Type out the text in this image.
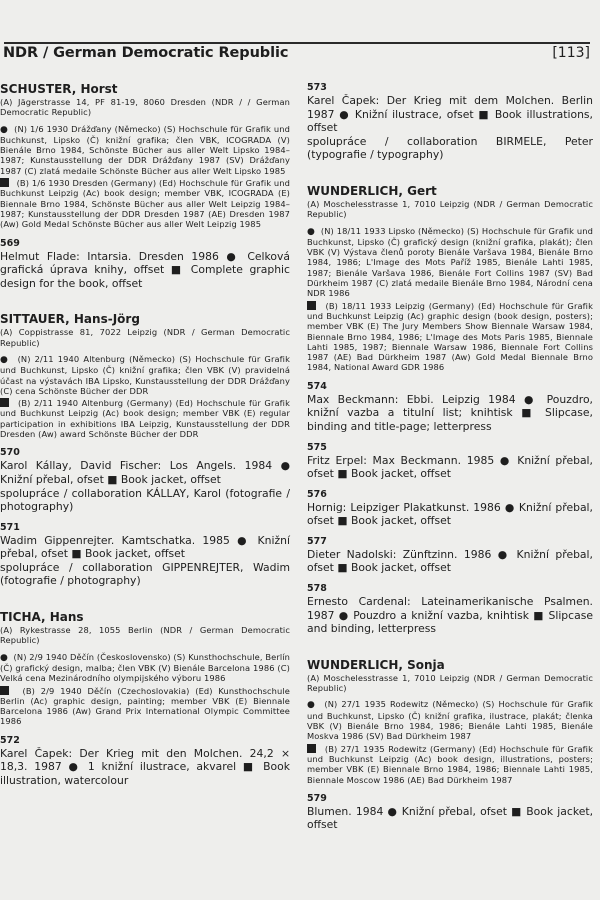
NDR / German Democratic Republic	[113]
SCHUSTER, Horst

(A) Jägerstrasse 14, PF 81-19, 8060 Dresden (NDR / / German Democratic Republic)

● (N) 1/6 1930 Drážďany (Německo) (S) Hochschule für Grafik und Buchkunst, Lipsko (Č) knižní grafika; člen VBK, ICOGRADA (V) Bienále Brno 1984, Schönste Bücher aus aller Welt Lipsko 1984–1987; Kunstausstellung der DDR Drážďany 1987 (SV) Drážďany 1987 (C) zlatá medaile Schönste Bücher aus aller Welt Lipsko 1985

(B) 1/6 1930 Dresden (Germany) (Ed) Hochschule für Grafik und Buchkunst Leipzig (Ac) book design; member VBK, ICOGRADA (E) Biennale Brno 1984, Schönste Bücher aus aller Welt Leipzig 1984–1987; Kunstausstellung der DDR Dresden 1987 (AE) Dresden 1987 (Aw) Gold Medal Schönste Bücher aus aller Welt Leipzig 1985

569

Helmut Flade: Intarsia. Dresden 1986 ● Celková grafická úprava knihy, offset ■ Complete graphic design for the book, offset

SITTAUER, Hans-Jörg

(A) Coppistrasse 81, 7022 Leipzig (NDR / German Democratic Republic)

● (N) 2/11 1940 Altenburg (Německo) (S) Hochschule für Grafik und Buchkunst, Lipsko (Č) knižní grafika; člen VBK (V) pravidelná účast na výstavách IBA Lipsko, Kunstausstellung der DDR Drážďany (C) cena Schönste Bücher der DDR

(B) 2/11 1940 Altenburg (Germany) (Ed) Hochschule für Grafik und Buchkunst Leipzig (Ac) book design; member VBK (E) regular participation in exhibitions IBA Leipzig, Kunstausstellung der DDR Dresden (Aw) award Schönste Bücher der DDR

570

Karol Kállay, David Fischer: Los Angels. 1984 ● Knižní přebal, ofset ■ Book jacket, offset

spolupráce / collaboration KÁLLAY, Karol (fotografie / photography)

571

Wadim Gippenrejter. Kamtschatka. 1985 ● Knižní přebal, ofset ■ Book jacket, offset

spolupráce / collaboration GIPPENREJTER, Wadim (fotografie / photography)

TICHA, Hans

(A) Rykestrasse 28, 1055 Berlin (NDR / German Democratic Republic)

● (N) 2/9 1940 Děčín (Československo) (S) Kunsthochschule, Berlín (Č) grafický design, malba; člen VBK (V) Bienále Barcelona 1986 (C) Velká cena Mezinárodního olympijského výboru 1986

(B) 2/9 1940 Děčín (Czechoslovakia) (Ed) Kunsthochschule Berlin (Ac) graphic design, painting; member VBK (E) Biennale Barcelona 1986 (Aw) Grand Prix International Olympic Committee 1986

572

Karel Čapek: Der Krieg mit den Molchen. 24,2 × 18,3. 1987 ● 1 knižní ilustrace, akvarel ■ Book illustration, watercolour

573

Karel Čapek: Der Krieg mit dem Molchen. Berlin 1987 ● Knižní ilustrace, ofset ■ Book illustrations, offset

spolupráce / collaboration BIRMELE, Peter (typografie / typography)

WUNDERLICH, Gert

(A) Moschelesstrasse 1, 7010 Leipzig (NDR / German Democratic Republic)

● (N) 18/11 1933 Lipsko (Německo) (S) Hochschule für Grafik und Buchkunst, Lipsko (Č) grafický design (knižní grafika, plakát); člen VBK (V) Výstava členů poroty Bienále Varšava 1984, Bienále Brno 1984, 1986; L'Image des Mots Paříž 1985, Bienále Lahti 1985, 1987; Bienále Varšava 1986, Bienále Fort Collins 1987 (SV) Bad Dürkheim 1987 (C) zlatá medaile Bienále Brno 1984, Národní cena NDR 1986

(B) 18/11 1933 Leipzig (Germany) (Ed) Hochschule für Grafik und Buchkunst Leipzig (Ac) graphic design (book design, posters); member VBK (E) The Jury Members Show Biennale Warsaw 1984, Biennale Brno 1984, 1986; L'Image des Mots Paris 1985, Biennale Lahti 1985, 1987; Biennale Warsaw 1986, Biennale Fort Collins 1987 (AE) Bad Dürkheim 1987 (Aw) Gold Medal Biennale Brno 1984, National Award GDR 1986

574

Max Beckmann: Ebbi. Leipzig 1984 ● Pouzdro, knižní vazba a titulní list; knihtisk ■ Slipcase, binding and title-page; letterpress

575

Fritz Erpel: Max Beckmann. 1985 ● Knižní přebal, ofset ■ Book jacket, offset

576

Hornig: Leipziger Plakatkunst. 1986 ● Knižní přebal, ofset ■ Book jacket, offset

577

Dieter Nadolski: Zünftzinn. 1986 ● Knižní přebal, ofset ■ Book jacket, offset

578

Ernesto Cardenal: Lateinamerikanische Psalmen. 1987 ● Pouzdro a knižní vazba, knihtisk ■ Slipcase and binding, letterpress

WUNDERLICH, Sonja

(A) Moschelesstrasse 1, 7010 Leipzig (NDR / German Democratic Republic)

● (N) 27/1 1935 Rodewitz (Německo) (S) Hochschule für Grafik und Buchkunst, Lipsko (Č) knižní grafika, ilustrace, plakát; členka VBK (V) Bienále Brno 1984, 1986; Bienále Lahti 1985, Bienále Moskva 1986 (SV) Bad Dürkheim 1987

(B) 27/1 1935 Rodewitz (Germany) (Ed) Hochschule für Grafik und Buchkunst Leipzig (Ac) book design, illustrations, posters; member VBK (E) Biennale Brno 1984, 1986; Biennale Lahti 1985, Biennale Moscow 1986 (AE) Bad Dürkheim 1987

579

Blumen. 1984 ● Knižní přebal, ofset ■ Book jacket, offset
